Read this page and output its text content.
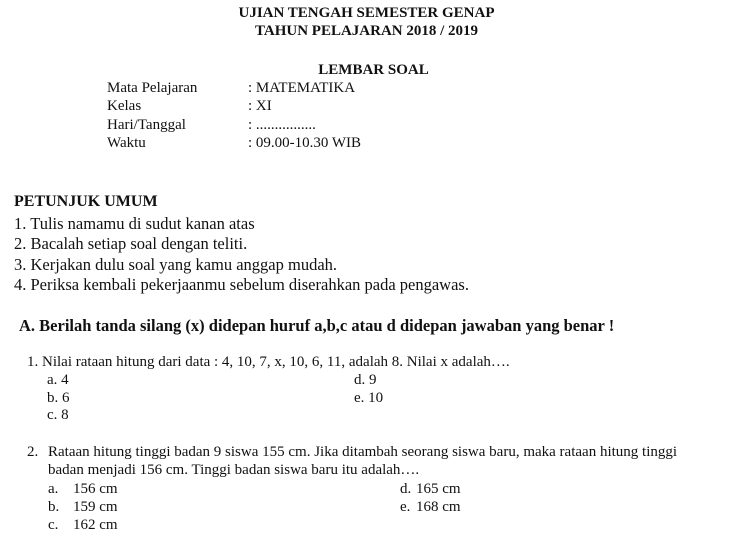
UJIAN TENGAH SEMESTER GENAP
TAHUN PELAJARAN 2018 / 2019
LEMBAR SOAL
Mata Pelajaran	: MATEMATIKA
Kelas	: XI
Hari/Tanggal	: ................
Waktu	: 09.00-10.30 WIB
PETUNJUK UMUM
1. Tulis namamu di sudut kanan atas
2. Bacalah setiap soal dengan teliti.
3. Kerjakan dulu soal yang kamu anggap mudah.
4. Periksa kembali pekerjaanmu sebelum diserahkan pada pengawas.
A. Berilah tanda silang (x) didepan huruf a,b,c atau d didepan jawaban yang benar !
1. Nilai rataan hitung dari data : 4, 10, 7, x, 10, 6, 11, adalah 8. Nilai x adalah….
a. 4
b. 6
c. 8
d. 9
e. 10
2. Rataan hitung tinggi badan 9 siswa 155 cm. Jika ditambah seorang siswa baru, maka rataan hitung tinggi
badan menjadi 156 cm. Tinggi badan siswa baru itu adalah….
a. 156 cm
b. 159 cm
c. 162 cm
d. 165 cm
e. 168 cm
